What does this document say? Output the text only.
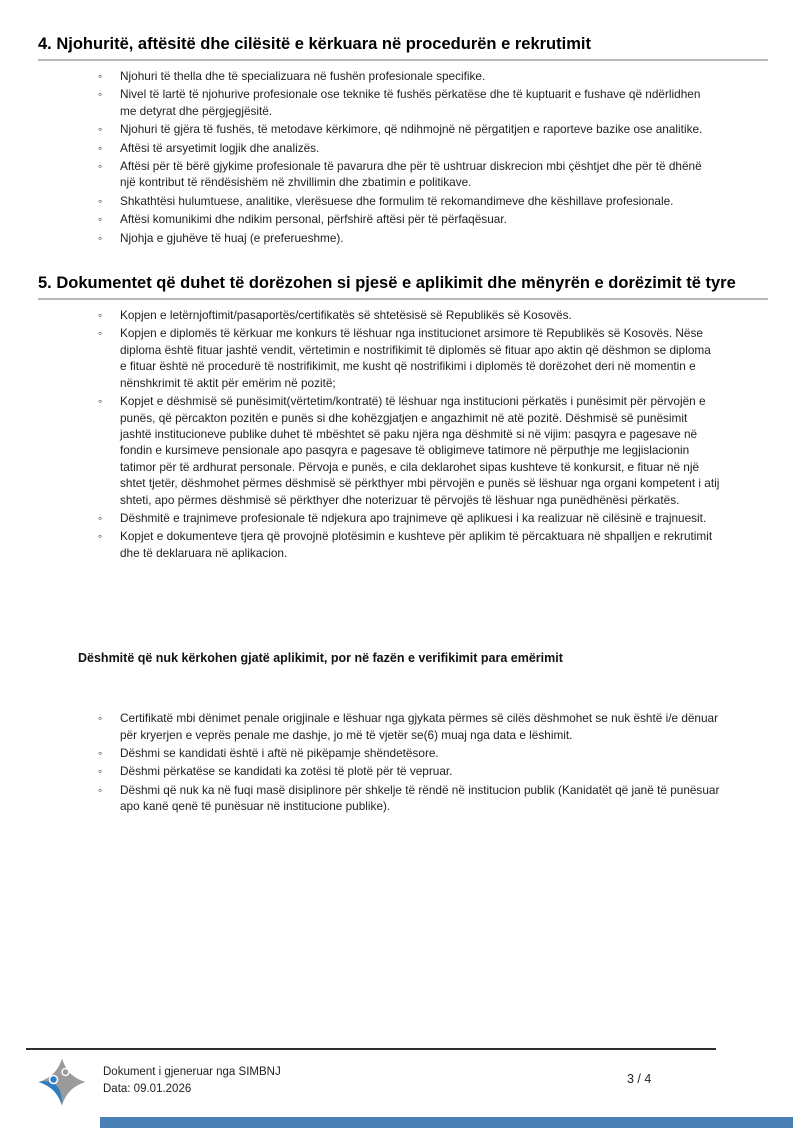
4. Njohuritë, aftësitë dhe cilësitë e kërkuara në procedurën e rekrutimit
◦	Njohuri të thella dhe të specializuara në fushën profesionale specifike.
◦	Nivel të lartë të njohurive profesionale ose teknike të fushës përkatëse dhe të kuptuarit e fushave që ndërlidhen me detyrat dhe përgjegjësitë.
◦	Njohuri të gjëra të fushës, të metodave kërkimore, që ndihmojnë në përgatitjen e raporteve bazike ose analitike.
◦	Aftësi të arsyetimit logjik dhe analizës.
◦	Aftësi për të bërë gjykime profesionale të pavarura dhe për të ushtruar diskrecion mbi çështjet dhe për të dhënë një kontribut të rëndësishëm në zhvillimin dhe zbatimin e politikave.
◦	Shkathtësi hulumtuese, analitike, vlerësuese dhe formulim të rekomandimeve dhe këshillave profesionale.
◦	Aftësi komunikimi dhe ndikim personal, përfshirë aftësi për të përfaqësuar.
◦	Njohja e gjuhëve të huaj (e preferueshme).
5. Dokumentet që duhet të dorëzohen si pjesë e aplikimit dhe mënyrën e dorëzimit të tyre
◦	Kopjen e letërnjoftimit/pasaportës/certifikatës së shtetësisë së Republikës së Kosovës.
◦	Kopjen e diplomës të kërkuar me konkurs të lëshuar nga institucionet arsimore të Republikës së Kosovës. Nëse diploma është fituar jashtë vendit, vërtetimin e nostrifikimit të diplomës së fituar apo aktin që dëshmon se diploma e fituar është në procedurë të nostrifikimit, me kusht që nostrifikimi i diplomës të dorëzohet deri në momentin e nënshkrimit të aktit për emërim në pozitë;
◦	Kopjet e dëshmisë së punësimit(vërtetim/kontratë) të lëshuar nga institucioni përkatës i punësimit për përvojën e punës, që përcakton pozitën e punës si dhe kohëzgjatjen e angazhimit në atë pozitë. Dëshmisë së punësimit jashtë institucioneve publike duhet të mbështet së paku njëra nga dëshmitë si në vijim: pasqyra e pagesave në fondin e kursimeve pensionale apo pasqyra e pagesave të obligimeve tatimore në përputhje me legjislacionin tatimor për të ardhurat personale. Përvoja e punës, e cila deklarohet sipas kushteve të konkursit, e fituar në një shtet tjetër, dëshmohet përmes dëshmisë së përkthyer mbi përvojën e punës së lëshuar nga organi kompetent i atij shteti, apo përmes dëshmisë së përkthyer dhe noterizuar të përvojës të lëshuar nga punëdhënësi përkatës.
◦	Dëshmitë e trajnimeve profesionale të ndjekura apo trajnimeve që aplikuesi i ka realizuar në cilësinë e trajnuesit.
◦	Kopjet e dokumenteve tjera që provojnë plotësimin e kushteve për aplikim të përcaktuara në shpalljen e rekrutimit dhe të deklaruara në aplikacion.
Dëshmitë që nuk kërkohen gjatë aplikimit, por në fazën e verifikimit para emërimit
◦	Certifikatë mbi dënimet penale origjinale e lëshuar nga gjykata përmes së cilës dëshmohet se nuk është i/e dënuar për kryerjen e veprës penale me dashje, jo më të vjetër se(6) muaj nga data e lëshimit.
◦	Dëshmi se kandidati është i aftë në pikëpamje shëndetësore.
◦	Dëshmi përkatëse se kandidati ka zotësi të plotë për të vepruar.
◦	Dëshmi që nuk ka në fuqi masë disiplinore për shkelje të rëndë në institucion publik (Kanidatët që janë të punësuar apo kanë qenë të punësuar në institucione publike).
Dokument i gjeneruar nga SIMBNJ
Data: 09.01.2026
3 / 4
